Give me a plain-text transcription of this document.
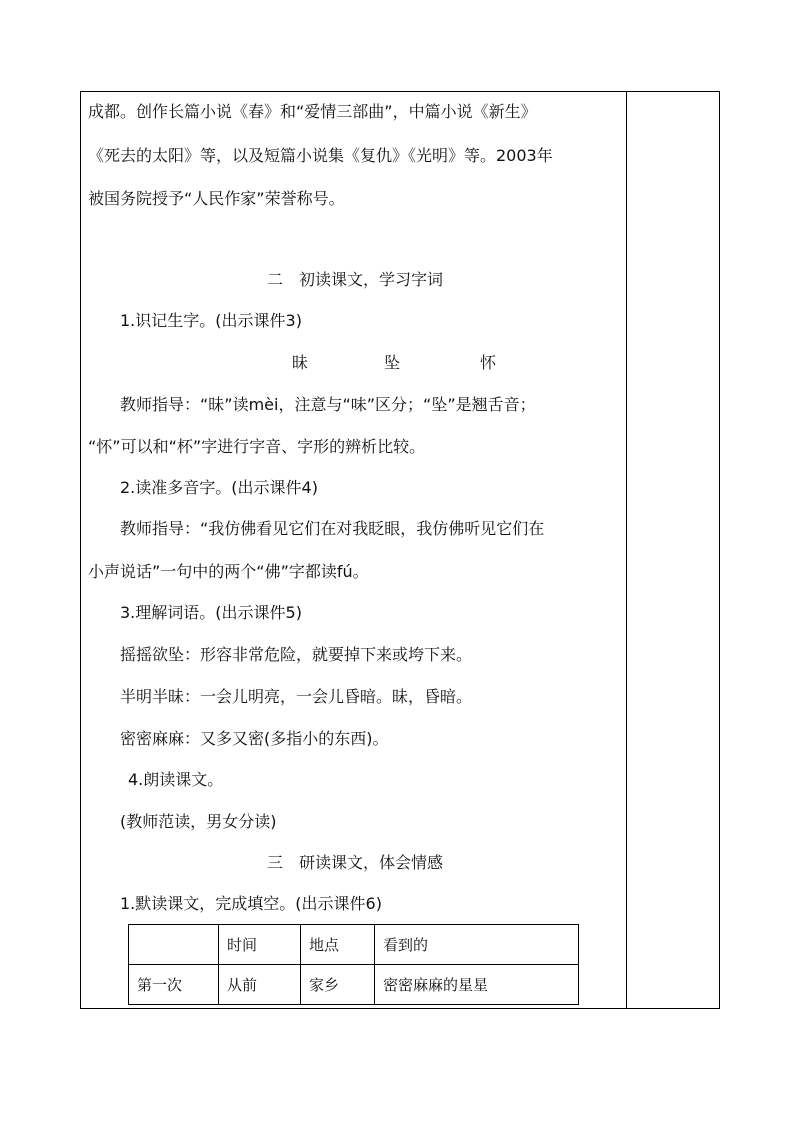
成都。创作长篇小说《春》和“爱情三部曲”，中篇小说《新生》
《死去的太阳》等，以及短篇小说集《复仇》《光明》等。2003年
被国务院授予“人民作家”荣誉称号。
二　初读课文，学习字词
1.识记生字。(出示课件3)
昧	坠	怀
教师指导：“昧”读mèi，注意与“味”区分；“坠”是翘舌音；
“怀”可以和“杯”字进行字音、字形的辨析比较。
2.读准多音字。(出示课件4)
教师指导：“我仿佛看见它们在对我眨眼，我仿佛听见它们在
小声说话”一句中的两个“佛”字都读fú。
3.理解词语。(出示课件5)
摇摇欲坠：形容非常危险，就要掉下来或垮下来。
半明半昧：一会儿明亮，一会儿昏暗。昧，昏暗。
密密麻麻：又多又密(多指小的东西)。
4.朗读课文。
(教师范读，男女分读)
三　研读课文，体会情感
1.默读课文，完成填空。(出示课件6)
	时间	地点	看到的
第一次	从前	家乡	密密麻麻的星星
